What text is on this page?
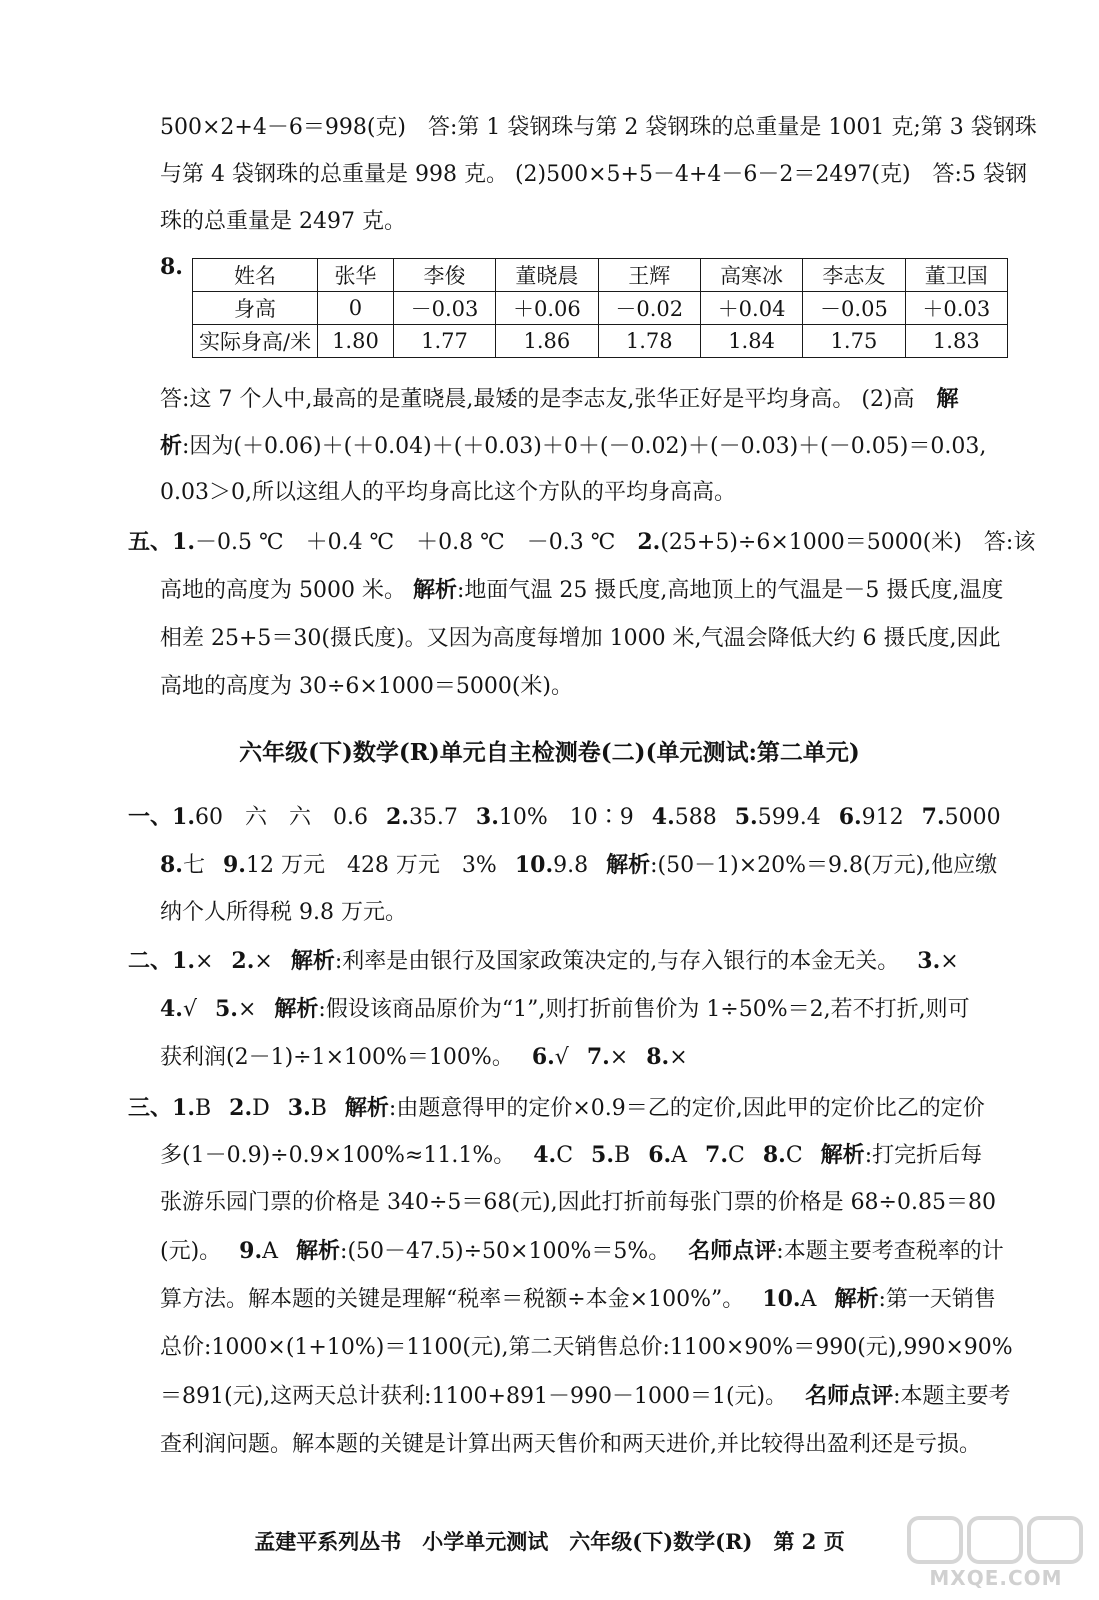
500×2+4－6＝998(克)　答:第 1 袋钢珠与第 2 袋钢珠的总重量是 1001 克;第 3 袋钢珠
与第 4 袋钢珠的总重量是 998 克。 (2)500×5+5－4+4－6－2＝2497(克)　答:5 袋钢
珠的总重量是 2497 克。
8. 姓名	张华	李俊	董晓晨	王辉	高寒冰	李志友	董卫国
身高	0	－0.03	＋0.06	－0.02	＋0.04	－0.05	＋0.03
实际身高/米	1.80	1.77	1.86	1.78	1.84	1.75	1.83
答:这 7 个人中,最高的是董晓晨,最矮的是李志友,张华正好是平均身高。 (2)高　解
析:因为(＋0.06)＋(＋0.04)＋(＋0.03)＋0＋(－0.02)＋(－0.03)＋(－0.05)＝0.03,
0.03＞0,所以这组人的平均身高比这个方队的平均身高高。
五、1.－0.5 ℃　＋0.4 ℃　＋0.8 ℃　－0.3 ℃　2.(25+5)÷6×1000＝5000(米)　答:该
高地的高度为 5000 米。 解析:地面气温 25 摄氏度,高地顶上的气温是－5 摄氏度,温度
相差 25+5＝30(摄氏度)。又因为高度每增加 1000 米,气温会降低大约 6 摄氏度,因此
高地的高度为 30÷6×1000＝5000(米)。
六年级(下)数学(R)单元自主检测卷(二)(单元测试:第二单元)
一、1.60　六　六　0.6 2.35.7 3.10%　10∶9 4.588 5.599.4 6.912 7.5000
8.七 9.12 万元　428 万元　3% 10.9.8 解析:(50－1)×20%＝9.8(万元),他应缴
纳个人所得税 9.8 万元。
二、1.× 2.× 解析:利率是由银行及国家政策决定的,与存入银行的本金无关。 3.×
4.√ 5.× 解析:假设该商品原价为“1”,则打折前售价为 1÷50%＝2,若不打折,则可
获利润(2－1)÷1×100%＝100%。 6.√ 7.× 8.×
三、1.B 2.D 3.B 解析:由题意得甲的定价×0.9＝乙的定价,因此甲的定价比乙的定价
多(1－0.9)÷0.9×100%≈11.1%。 4.C 5.B 6.A 7.C 8.C 解析:打完折后每
张游乐园门票的价格是 340÷5＝68(元),因此打折前每张门票的价格是 68÷0.85＝80
(元)。 9.A 解析:(50－47.5)÷50×100%＝5%。 名师点评:本题主要考查税率的计
算方法。解本题的关键是理解“税率＝税额÷本金×100%”。 10.A 解析:第一天销售
总价:1000×(1+10%)＝1100(元),第二天销售总价:1100×90%＝990(元),990×90%
＝891(元),这两天总计获利:1100+891－990－1000＝1(元)。 名师点评:本题主要考
查利润问题。解本题的关键是计算出两天售价和两天进价,并比较得出盈利还是亏损。
孟建平系列丛书　小学单元测试　六年级(下)数学(R)　第 2 页
MXQE.COM
